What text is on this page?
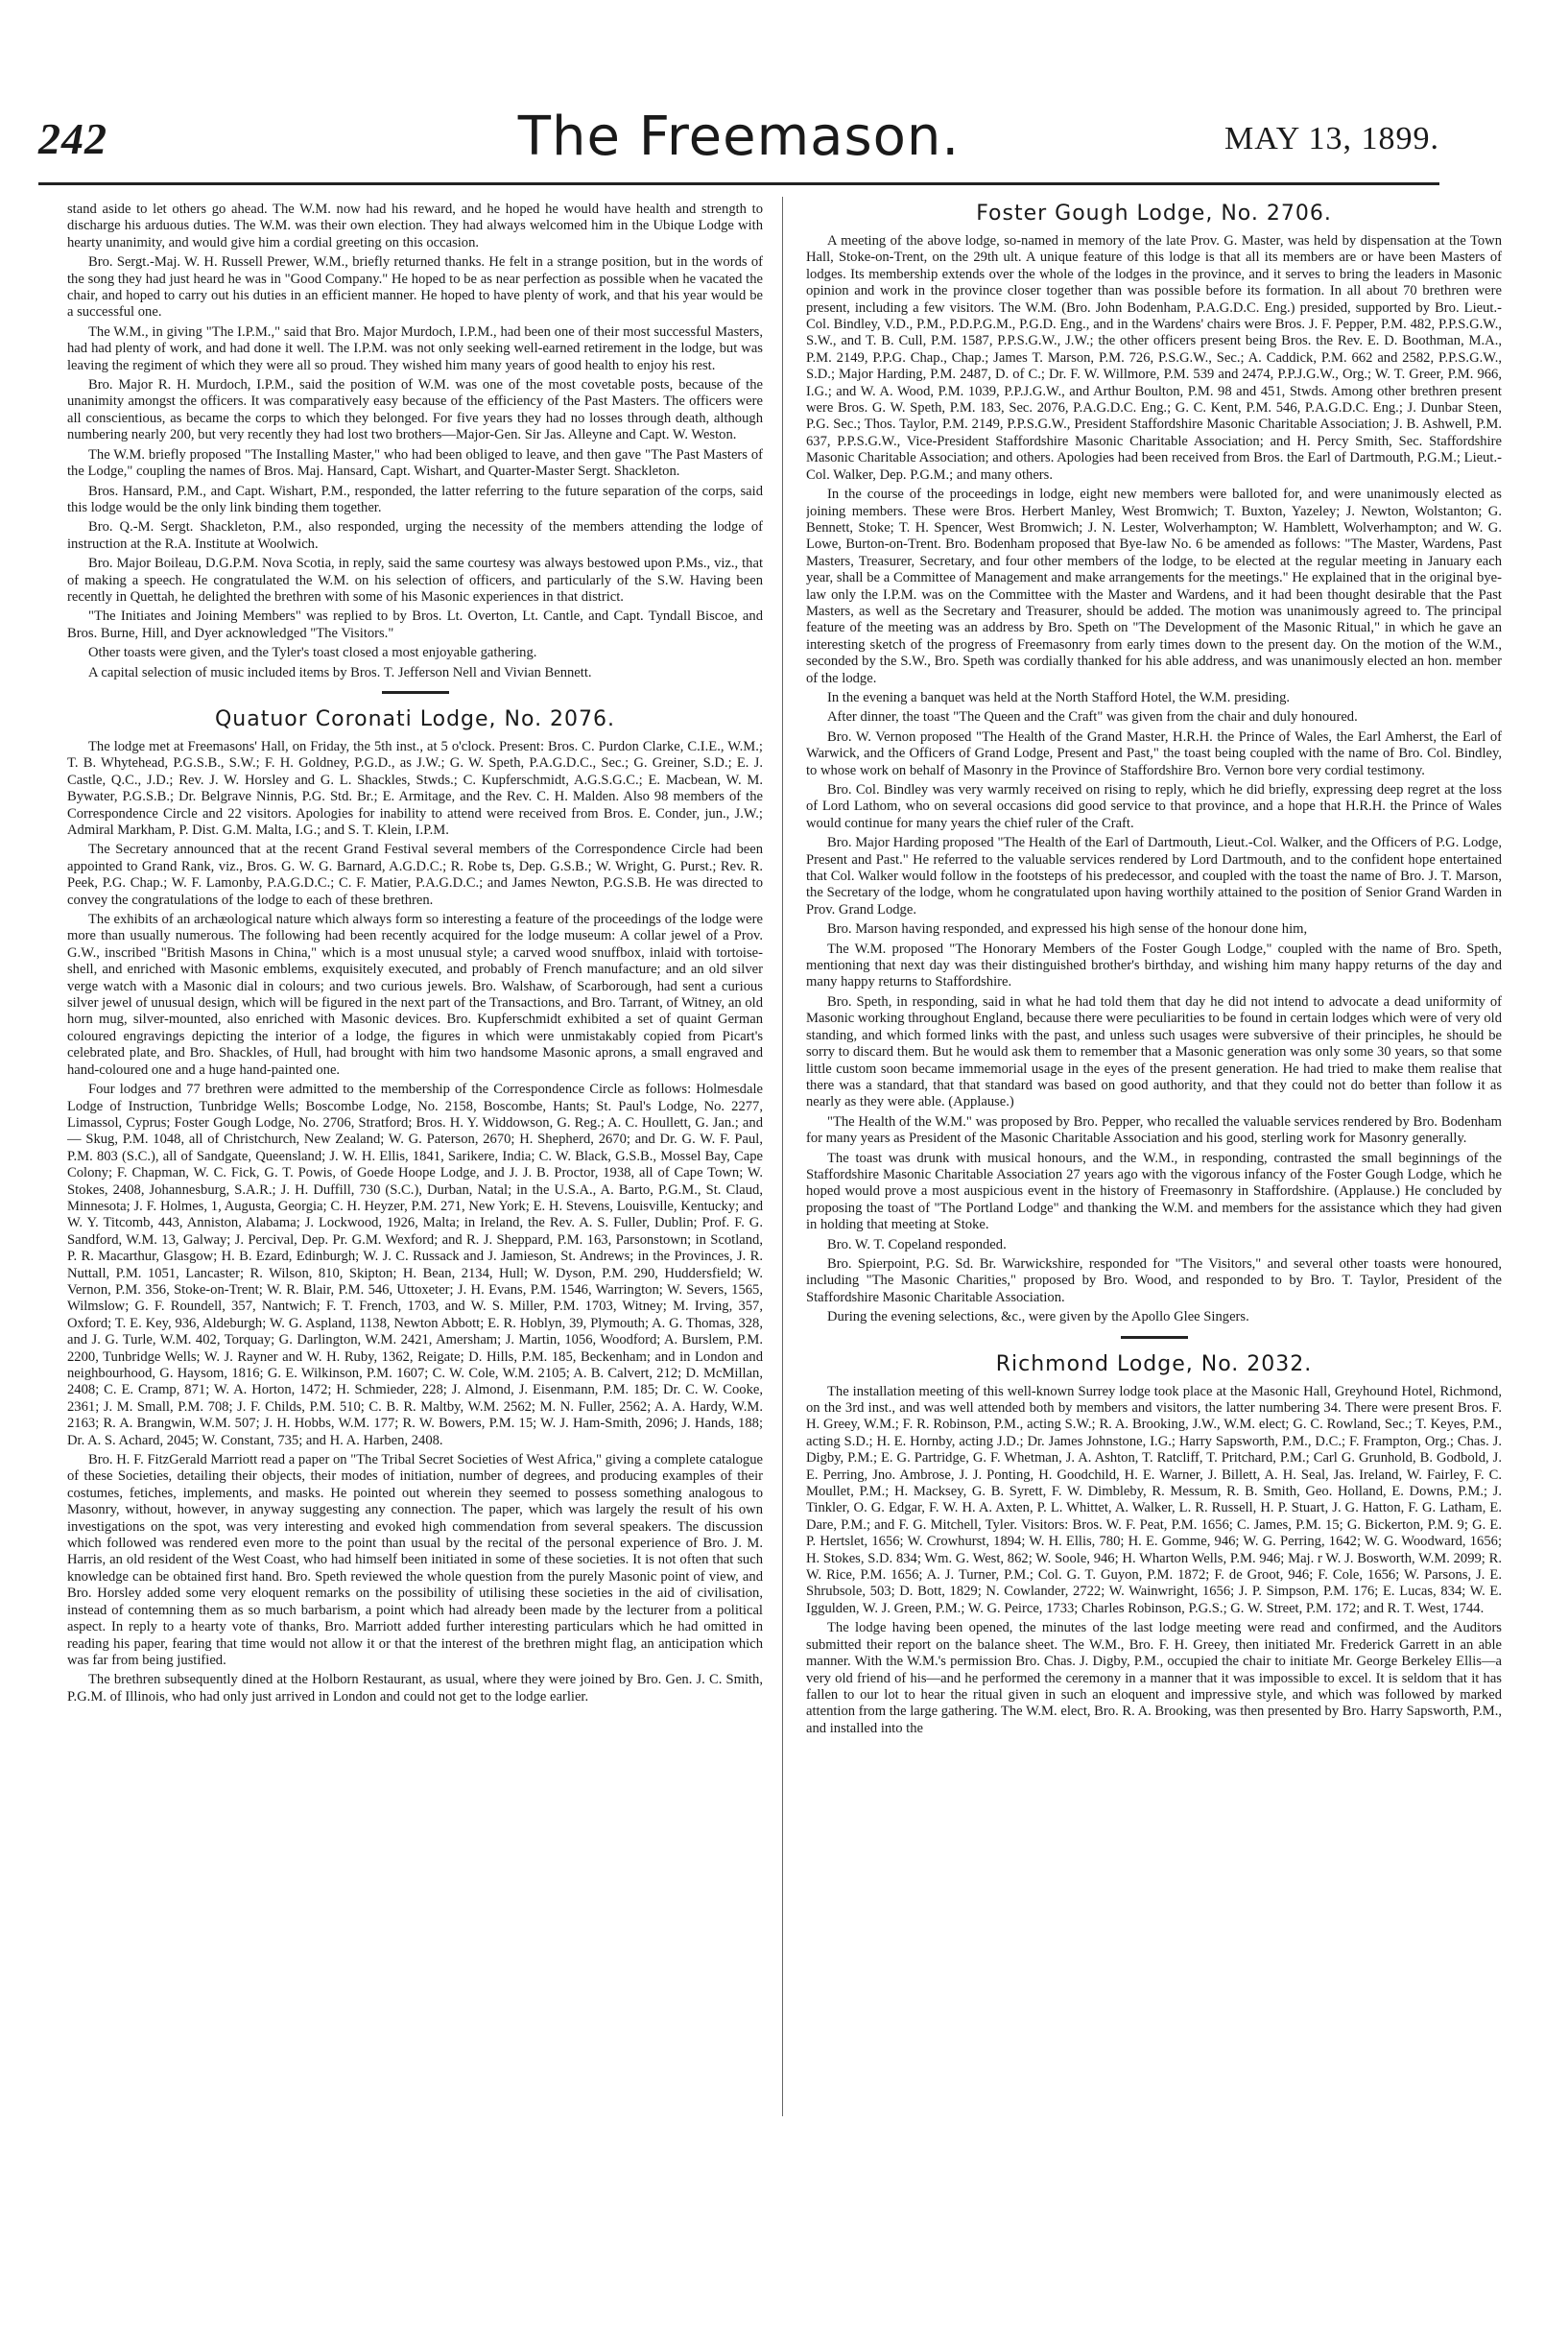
242	The Freemason.	MAY 13, 1899.

stand aside to let others go ahead. The W.M. now had his reward, and he hoped he would have health and strength to discharge his arduous duties. The W.M. was their own election. They had always welcomed him in the Ubique Lodge with hearty unanimity, and would give him a cordial greeting on this occasion.

Bro. Sergt.-Maj. W. H. Russell Prewer, W.M., briefly returned thanks. He felt in a strange position, but in the words of the song they had just heard he was in "Good Company." He hoped to be as near perfection as possible when he vacated the chair, and hoped to carry out his duties in an efficient manner. He hoped to have plenty of work, and that his year would be a successful one.

The W.M., in giving "The I.P.M.," said that Bro. Major Murdoch, I.P.M., had been one of their most successful Masters, had had plenty of work, and had done it well. The I.P.M. was not only seeking well-earned retirement in the lodge, but was leaving the regiment of which they were all so proud. They wished him many years of good health to enjoy his rest.

Bro. Major R. H. Murdoch, I.P.M., said the position of W.M. was one of the most covetable posts, because of the unanimity amongst the officers. It was comparatively easy because of the efficiency of the Past Masters. The officers were all conscientious, as became the corps to which they belonged. For five years they had no losses through death, although numbering nearly 200, but very recently they had lost two brothers—Major-Gen. Sir Jas. Alleyne and Capt. W. Weston.

The W.M. briefly proposed "The Installing Master," who had been obliged to leave, and then gave "The Past Masters of the Lodge," coupling the names of Bros. Maj. Hansard, Capt. Wishart, and Quarter-Master Sergt. Shackleton.

Bros. Hansard, P.M., and Capt. Wishart, P.M., responded, the latter referring to the future separation of the corps, said this lodge would be the only link binding them together.

Bro. Q.-M. Sergt. Shackleton, P.M., also responded, urging the necessity of the members attending the lodge of instruction at the R.A. Institute at Woolwich.

Bro. Major Boileau, D.G.P.M. Nova Scotia, in reply, said the same courtesy was always bestowed upon P.Ms., viz., that of making a speech. He congratulated the W.M. on his selection of officers, and particularly of the S.W. Having been recently in Quettah, he delighted the brethren with some of his Masonic experiences in that district.

"The Initiates and Joining Members" was replied to by Bros. Lt. Overton, Lt. Cantle, and Capt. Tyndall Biscoe, and Bros. Burne, Hill, and Dyer acknowledged "The Visitors."

Other toasts were given, and the Tyler's toast closed a most enjoyable gathering.

A capital selection of music included items by Bros. T. Jefferson Nell and Vivian Bennett.

Quatuor Coronati Lodge, No. 2076.

The lodge met at Freemasons' Hall, on Friday, the 5th inst., at 5 o'clock. Present: Bros. C. Purdon Clarke, C.I.E., W.M.; T. B. Whytehead, P.G.S.B., S.W.; F. H. Goldney, P.G.D., as J.W.; G. W. Speth, P.A.G.D.C., Sec.; G. Greiner, S.D.; E. J. Castle, Q.C., J.D.; Rev. J. W. Horsley and G. L. Shackles, Stwds.; C. Kupferschmidt, A.G.S.G.C.; E. Macbean, W. M. Bywater, P.G.S.B.; Dr. Belgrave Ninnis, P.G. Std. Br.; E. Armitage, and the Rev. C. H. Malden. Also 98 members of the Correspondence Circle and 22 visitors. Apologies for inability to attend were received from Bros. E. Conder, jun., J.W.; Admiral Markham, P. Dist. G.M. Malta, I.G.; and S. T. Klein, I.P.M.

The Secretary announced that at the recent Grand Festival several members of the Correspondence Circle had been appointed to Grand Rank, viz., Bros. G. W. G. Barnard, A.G.D.C.; R. Robe ts, Dep. G.S.B.; W. Wright, G. Purst.; Rev. R. Peek, P.G. Chap.; W. F. Lamonby, P.A.G.D.C.; C. F. Matier, P.A.G.D.C.; and James Newton, P.G.S.B. He was directed to convey the congratulations of the lodge to each of these brethren.

The exhibits of an archæological nature which always form so interesting a feature of the proceedings of the lodge were more than usually numerous. The following had been recently acquired for the lodge museum: A collar jewel of a Prov. G.W., inscribed "British Masons in China," which is a most unusual style; a carved wood snuffbox, inlaid with tortoise-shell, and enriched with Masonic emblems, exquisitely executed, and probably of French manufacture; and an old silver verge watch with a Masonic dial in colours; and two curious jewels. Bro. Walshaw, of Scarborough, had sent a curious silver jewel of unusual design, which will be figured in the next part of the Transactions, and Bro. Tarrant, of Witney, an old horn mug, silver-mounted, also enriched with Masonic devices. Bro. Kupferschmidt exhibited a set of quaint German coloured engravings depicting the interior of a lodge, the figures in which were unmistakably copied from Picart's celebrated plate, and Bro. Shackles, of Hull, had brought with him two handsome Masonic aprons, a small engraved and hand-coloured one and a huge hand-painted one.

Four lodges and 77 brethren were admitted to the membership of the Correspondence Circle as follows: Holmesdale Lodge of Instruction, Tunbridge Wells; Boscombe Lodge, No. 2158, Boscombe, Hants; St. Paul's Lodge, No. 2277, Limassol, Cyprus; Foster Gough Lodge, No. 2706, Stratford; Bros. H. Y. Widdowson, G. Reg.; A. C. Houllett, G. Jan.; and — Skug, P.M. 1048, all of Christchurch, New Zealand; W. G. Paterson, 2670; H. Shepherd, 2670; and Dr. G. W. F. Paul, P.M. 803 (S.C.), all of Sandgate, Queensland; J. W. H. Ellis, 1841, Sarikere, India; C. W. Black, G.S.B., Mossel Bay, Cape Colony; F. Chapman, W. C. Fick, G. T. Powis, of Goede Hoope Lodge, and J. J. B. Proctor, 1938, all of Cape Town; W. Stokes, 2408, Johannesburg, S.A.R.; J. H. Duffill, 730 (S.C.), Durban, Natal; in the U.S.A., A. Barto, P.G.M., St. Claud, Minnesota; J. F. Holmes, 1, Augusta, Georgia; C. H. Heyzer, P.M. 271, New York; E. H. Stevens, Louisville, Kentucky; and W. Y. Titcomb, 443, Anniston, Alabama; J. Lockwood, 1926, Malta; in Ireland, the Rev. A. S. Fuller, Dublin; Prof. F. G. Sandford, W.M. 13, Galway; J. Percival, Dep. Pr. G.M. Wexford; and R. J. Sheppard, P.M. 163, Parsonstown; in Scotland, P. R. Macarthur, Glasgow; H. B. Ezard, Edinburgh; W. J. C. Russack and J. Jamieson, St. Andrews; in the Provinces, J. R. Nuttall, P.M. 1051, Lancaster; R. Wilson, 810, Skipton; H. Bean, 2134, Hull; W. Dyson, P.M. 290, Huddersfield; W. Vernon, P.M. 356, Stoke-on-Trent; W. R. Blair, P.M. 546, Uttoxeter; J. H. Evans, P.M. 1546, Warrington; W. Severs, 1565, Wilmslow; G. F. Roundell, 357, Nantwich; F. T. French, 1703, and W. S. Miller, P.M. 1703, Witney; M. Irving, 357, Oxford; T. E. Key, 936, Aldeburgh; W. G. Aspland, 1138, Newton Abbott; E. R. Hoblyn, 39, Plymouth; A. G. Thomas, 328, and J. G. Turle, W.M. 402, Torquay; G. Darlington, W.M. 2421, Amersham; J. Martin, 1056, Woodford; A. Burslem, P.M. 2200, Tunbridge Wells; W. J. Rayner and W. H. Ruby, 1362, Reigate; D. Hills, P.M. 185, Beckenham; and in London and neighbourhood, G. Haysom, 1816; G. E. Wilkinson, P.M. 1607; C. W. Cole, W.M. 2105; A. B. Calvert, 212; D. McMillan, 2408; C. E. Cramp, 871; W. A. Horton, 1472; H. Schmieder, 228; J. Almond, J. Eisenmann, P.M. 185; Dr. C. W. Cooke, 2361; J. M. Small, P.M. 708; J. F. Childs, P.M. 510; C. B. R. Maltby, W.M. 2562; M. N. Fuller, 2562; A. A. Hardy, W.M. 2163; R. A. Brangwin, W.M. 507; J. H. Hobbs, W.M. 177; R. W. Bowers, P.M. 15; W. J. Ham-Smith, 2096; J. Hands, 188; Dr. A. S. Achard, 2045; W. Constant, 735; and H. A. Harben, 2408.

Bro. H. F. FitzGerald Marriott read a paper on "The Tribal Secret Societies of West Africa," giving a complete catalogue of these Societies, detailing their objects, their modes of initiation, number of degrees, and producing examples of their costumes, fetiches, implements, and masks. He pointed out wherein they seemed to possess something analogous to Masonry, without, however, in anyway suggesting any connection. The paper, which was largely the result of his own investigations on the spot, was very interesting and evoked high commendation from several speakers. The discussion which followed was rendered even more to the point than usual by the recital of the personal experience of Bro. J. M. Harris, an old resident of the West Coast, who had himself been initiated in some of these societies. It is not often that such knowledge can be obtained first hand. Bro. Speth reviewed the whole question from the purely Masonic point of view, and Bro. Horsley added some very eloquent remarks on the possibility of utilising these societies in the aid of civilisation, instead of contemning them as so much barbarism, a point which had already been made by the lecturer from a political aspect. In reply to a hearty vote of thanks, Bro. Marriott added further interesting particulars which he had omitted in reading his paper, fearing that time would not allow it or that the interest of the brethren might flag, an anticipation which was far from being justified.

The brethren subsequently dined at the Holborn Restaurant, as usual, where they were joined by Bro. Gen. J. C. Smith, P.G.M. of Illinois, who had only just arrived in London and could not get to the lodge earlier.

Foster Gough Lodge, No. 2706.

A meeting of the above lodge, so-named in memory of the late Prov. G. Master, was held by dispensation at the Town Hall, Stoke-on-Trent, on the 29th ult. A unique feature of this lodge is that all its members are or have been Masters of lodges. Its membership extends over the whole of the lodges in the province, and it serves to bring the leaders in Masonic opinion and work in the province closer together than was possible before its formation. In all about 70 brethren were present, including a few visitors. The W.M. (Bro. John Bodenham, P.A.G.D.C. Eng.) presided, supported by Bro. Lieut.-Col. Bindley, V.D., P.M., P.D.P.G.M., P.G.D. Eng., and in the Wardens' chairs were Bros. J. F. Pepper, P.M. 482, P.P.S.G.W., S.W., and T. B. Cull, P.M. 1587, P.P.S.G.W., J.W.; the other officers present being Bros. the Rev. E. D. Boothman, M.A., P.M. 2149, P.P.G. Chap., Chap.; James T. Marson, P.M. 726, P.S.G.W., Sec.; A. Caddick, P.M. 662 and 2582, P.P.S.G.W., S.D.; Major Harding, P.M. 2487, D. of C.; Dr. F. W. Willmore, P.M. 539 and 2474, P.P.J.G.W., Org.; W. T. Greer, P.M. 966, I.G.; and W. A. Wood, P.M. 1039, P.P.J.G.W., and Arthur Boulton, P.M. 98 and 451, Stwds. Among other brethren present were Bros. G. W. Speth, P.M. 183, Sec. 2076, P.A.G.D.C. Eng.; G. C. Kent, P.M. 546, P.A.G.D.C. Eng.; J. Dunbar Steen, P.G. Sec.; Thos. Taylor, P.M. 2149, P.P.S.G.W., President Staffordshire Masonic Charitable Association; J. B. Ashwell, P.M. 637, P.P.S.G.W., Vice-President Staffordshire Masonic Charitable Association; and H. Percy Smith, Sec. Staffordshire Masonic Charitable Association; and others. Apologies had been received from Bros. the Earl of Dartmouth, P.G.M.; Lieut.-Col. Walker, Dep. P.G.M.; and many others.

In the course of the proceedings in lodge, eight new members were balloted for, and were unanimously elected as joining members. These were Bros. Herbert Manley, West Bromwich; T. Buxton, Yazeley; J. Newton, Wolstanton; G. Bennett, Stoke; T. H. Spencer, West Bromwich; J. N. Lester, Wolverhampton; W. Hamblett, Wolverhampton; and W. G. Lowe, Burton-on-Trent. Bro. Bodenham proposed that Bye-law No. 6 be amended as follows: "The Master, Wardens, Past Masters, Treasurer, Secretary, and four other members of the lodge, to be elected at the regular meeting in January each year, shall be a Committee of Management and make arrangements for the meetings." He explained that in the original bye-law only the I.P.M. was on the Committee with the Master and Wardens, and it had been thought desirable that the Past Masters, as well as the Secretary and Treasurer, should be added. The motion was unanimously agreed to. The principal feature of the meeting was an address by Bro. Speth on "The Development of the Masonic Ritual," in which he gave an interesting sketch of the progress of Freemasonry from early times down to the present day. On the motion of the W.M., seconded by the S.W., Bro. Speth was cordially thanked for his able address, and was unanimously elected an hon. member of the lodge.

In the evening a banquet was held at the North Stafford Hotel, the W.M. presiding.

After dinner, the toast "The Queen and the Craft" was given from the chair and duly honoured.

Bro. W. Vernon proposed "The Health of the Grand Master, H.R.H. the Prince of Wales, the Earl Amherst, the Earl of Warwick, and the Officers of Grand Lodge, Present and Past," the toast being coupled with the name of Bro. Col. Bindley, to whose work on behalf of Masonry in the Province of Staffordshire Bro. Vernon bore very cordial testimony.

Bro. Col. Bindley was very warmly received on rising to reply, which he did briefly, expressing deep regret at the loss of Lord Lathom, who on several occasions did good service to that province, and a hope that H.R.H. the Prince of Wales would continue for many years the chief ruler of the Craft.

Bro. Major Harding proposed "The Health of the Earl of Dartmouth, Lieut.-Col. Walker, and the Officers of P.G. Lodge, Present and Past." He referred to the valuable services rendered by Lord Dartmouth, and to the confident hope entertained that Col. Walker would follow in the footsteps of his predecessor, and coupled with the toast the name of Bro. J. T. Marson, the Secretary of the lodge, whom he congratulated upon having worthily attained to the position of Senior Grand Warden in Prov. Grand Lodge.

Bro. Marson having responded, and expressed his high sense of the honour done him,

The W.M. proposed "The Honorary Members of the Foster Gough Lodge," coupled with the name of Bro. Speth, mentioning that next day was their distinguished brother's birthday, and wishing him many happy returns of the day and many happy returns to Staffordshire.

Bro. Speth, in responding, said in what he had told them that day he did not intend to advocate a dead uniformity of Masonic working throughout England, because there were peculiarities to be found in certain lodges which were of very old standing, and which formed links with the past, and unless such usages were subversive of their principles, he should be sorry to discard them. But he would ask them to remember that a Masonic generation was only some 30 years, so that some little custom soon became immemorial usage in the eyes of the present generation. He had tried to make them realise that there was a standard, that that standard was based on good authority, and that they could not do better than follow it as nearly as they were able. (Applause.)

"The Health of the W.M." was proposed by Bro. Pepper, who recalled the valuable services rendered by Bro. Bodenham for many years as President of the Masonic Charitable Association and his good, sterling work for Masonry generally.

The toast was drunk with musical honours, and the W.M., in responding, contrasted the small beginnings of the Staffordshire Masonic Charitable Association 27 years ago with the vigorous infancy of the Foster Gough Lodge, which he hoped would prove a most auspicious event in the history of Freemasonry in Staffordshire. (Applause.) He concluded by proposing the toast of "The Portland Lodge" and thanking the W.M. and members for the assistance which they had given in holding that meeting at Stoke.

Bro. W. T. Copeland responded.

Bro. Spierpoint, P.G. Sd. Br. Warwickshire, responded for "The Visitors," and several other toasts were honoured, including "The Masonic Charities," proposed by Bro. Wood, and responded to by Bro. T. Taylor, President of the Staffordshire Masonic Charitable Association.

During the evening selections, &c., were given by the Apollo Glee Singers.

Richmond Lodge, No. 2032.

The installation meeting of this well-known Surrey lodge took place at the Masonic Hall, Greyhound Hotel, Richmond, on the 3rd inst., and was well attended both by members and visitors, the latter numbering 34. There were present Bros. F. H. Greey, W.M.; F. R. Robinson, P.M., acting S.W.; R. A. Brooking, J.W., W.M. elect; G. C. Rowland, Sec.; T. Keyes, P.M., acting S.D.; H. E. Hornby, acting J.D.; Dr. James Johnstone, I.G.; Harry Sapsworth, P.M., D.C.; F. Frampton, Org.; Chas. J. Digby, P.M.; E. G. Partridge, G. F. Whetman, J. A. Ashton, T. Ratcliff, T. Pritchard, P.M.; Carl G. Grunhold, B. Godbold, J. E. Perring, Jno. Ambrose, J. J. Ponting, H. Goodchild, H. E. Warner, J. Billett, A. H. Seal, Jas. Ireland, W. Fairley, F. C. Moullet, P.M.; H. Macksey, G. B. Syrett, F. W. Dimbleby, R. Messum, R. B. Smith, Geo. Holland, E. Downs, P.M.; J. Tinkler, O. G. Edgar, F. W. H. A. Axten, P. L. Whittet, A. Walker, L. R. Russell, H. P. Stuart, J. G. Hatton, F. G. Latham, E. Dare, P.M.; and F. G. Mitchell, Tyler. Visitors: Bros. W. F. Peat, P.M. 1656; C. James, P.M. 15; G. Bickerton, P.M. 9; G. E. P. Hertslet, 1656; W. Crowhurst, 1894; W. H. Ellis, 780; H. E. Gomme, 946; W. G. Perring, 1642; W. G. Woodward, 1656; H. Stokes, S.D. 834; Wm. G. West, 862; W. Soole, 946; H. Wharton Wells, P.M. 946; Maj. r W. J. Bosworth, W.M. 2099; R. W. Rice, P.M. 1656; A. J. Turner, P.M.; Col. G. T. Guyon, P.M. 1872; F. de Groot, 946; F. Cole, 1656; W. Parsons, J. E. Shrubsole, 503; D. Bott, 1829; N. Cowlander, 2722; W. Wainwright, 1656; J. P. Simpson, P.M. 176; E. Lucas, 834; W. E. Iggulden, W. J. Green, P.M.; W. G. Peirce, 1733; Charles Robinson, P.G.S.; G. W. Street, P.M. 172; and R. T. West, 1744.

The lodge having been opened, the minutes of the last lodge meeting were read and confirmed, and the Auditors submitted their report on the balance sheet. The W.M., Bro. F. H. Greey, then initiated Mr. Frederick Garrett in an able manner. With the W.M.'s permission Bro. Chas. J. Digby, P.M., occupied the chair to initiate Mr. George Berkeley Ellis—a very old friend of his—and he performed the ceremony in a manner that it was impossible to excel. It is seldom that it has fallen to our lot to hear the ritual given in such an eloquent and impressive style, and which was followed by marked attention from the large gathering. The W.M. elect, Bro. R. A. Brooking, was then presented by Bro. Harry Sapsworth, P.M., and installed into the
